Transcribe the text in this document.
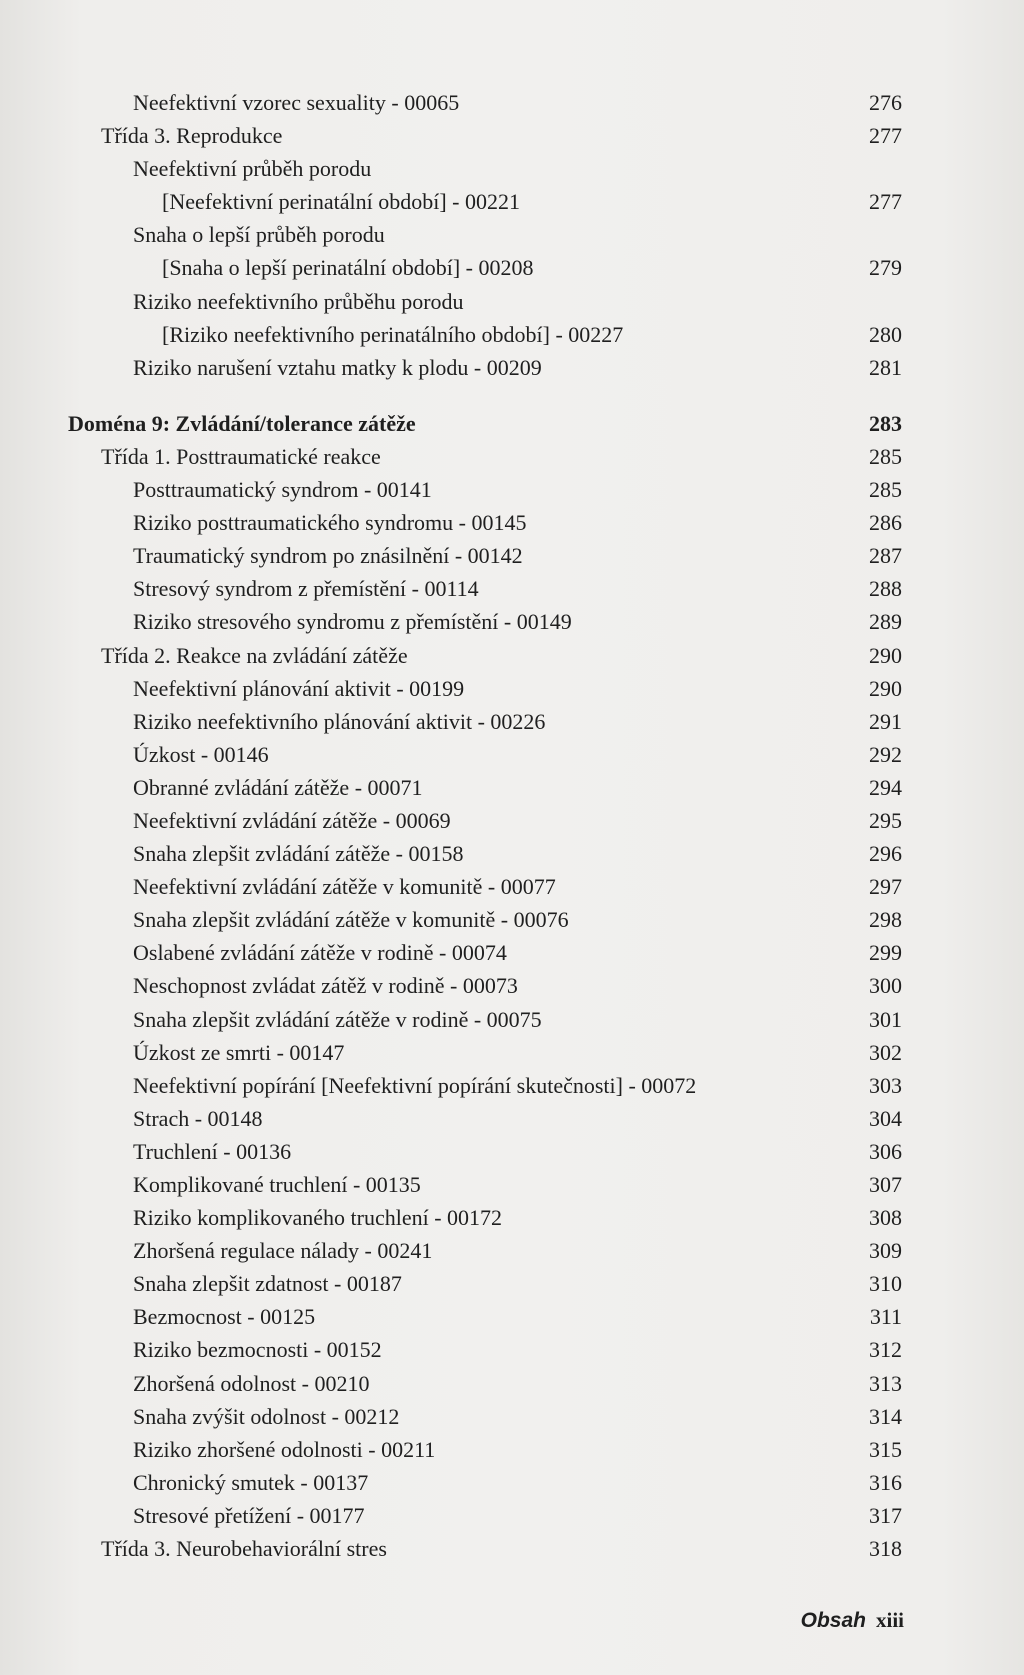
Neefektivní vzorec sexuality - 00065	276
Třída 3. Reprodukce	277
Neefektivní průběh porodu
[Neefektivní perinatální období] - 00221	277
Snaha o lepší průběh porodu
[Snaha o lepší perinatální období] - 00208	279
Riziko neefektivního průběhu porodu
[Riziko neefektivního perinatálního období] - 00227	280
Riziko narušení vztahu matky k plodu - 00209	281
Doména 9: Zvládání/tolerance zátěže	283
Třída 1. Posttraumatické reakce	285
Posttraumatický syndrom - 00141	285
Riziko posttraumatického syndromu - 00145	286
Traumatický syndrom po znásilnění - 00142	287
Stresový syndrom z přemístění - 00114	288
Riziko stresového syndromu z přemístění - 00149	289
Třída 2. Reakce na zvládání zátěže	290
Neefektivní plánování aktivit - 00199	290
Riziko neefektivního plánování aktivit - 00226	291
Úzkost - 00146	292
Obranné zvládání zátěže - 00071	294
Neefektivní zvládání zátěže - 00069	295
Snaha zlepšit zvládání zátěže - 00158	296
Neefektivní zvládání zátěže v komunitě - 00077	297
Snaha zlepšit zvládání zátěže v komunitě - 00076	298
Oslabené zvládání zátěže v rodině - 00074	299
Neschopnost zvládat zátěž v rodině - 00073	300
Snaha zlepšit zvládání zátěže v rodině - 00075	301
Úzkost ze smrti - 00147	302
Neefektivní popírání [Neefektivní popírání skutečnosti] - 00072	303
Strach - 00148	304
Truchlení - 00136	306
Komplikované truchlení - 00135	307
Riziko komplikovaného truchlení - 00172	308
Zhoršená regulace nálady - 00241	309
Snaha zlepšit zdatnost - 00187	310
Bezmocnost - 00125	311
Riziko bezmocnosti - 00152	312
Zhoršená odolnost - 00210	313
Snaha zvýšit odolnost - 00212	314
Riziko zhoršené odolnosti - 00211	315
Chronický smutek - 00137	316
Stresové přetížení - 00177	317
Třída 3. Neurobehaviorální stres	318
Obsah xiii
